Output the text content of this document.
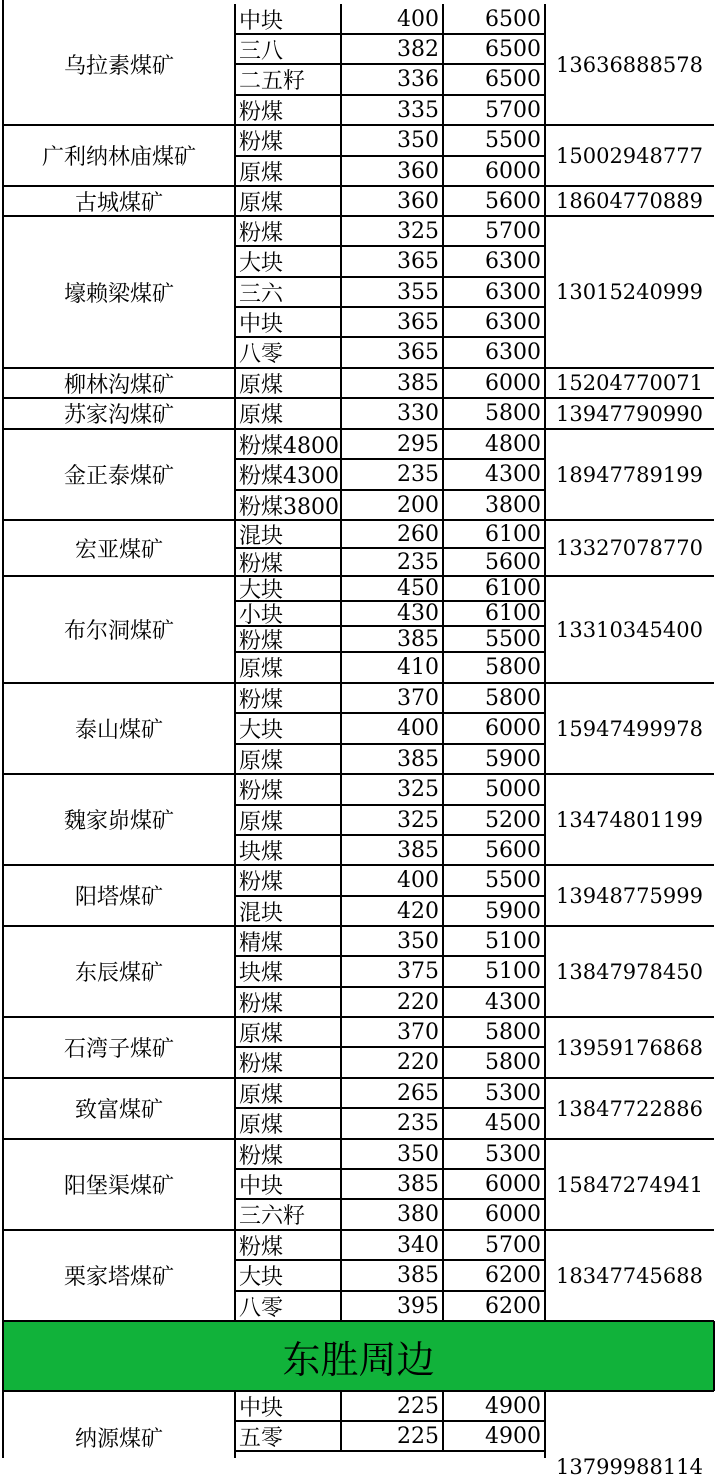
乌拉素煤矿	13636888578
中块	400	6500
三八	382	6500
二五籽	336	6500
粉煤	335	5700
广利纳林庙煤矿	15002948777
粉煤	350	5500
原煤	360	6000
古城煤矿	18604770889
原煤	360	5600
壕赖梁煤矿	13015240999
粉煤	325	5700
大块	365	6300
三六	355	6300
中块	365	6300
八零	365	6300
柳林沟煤矿	15204770071
原煤	385	6000
苏家沟煤矿	13947790990
原煤	330	5800
金正泰煤矿	18947789199
粉煤4800	295	4800
粉煤4300	235	4300
粉煤3800	200	3800
宏亚煤矿	13327078770
混块	260	6100
粉煤	235	5600
布尔洞煤矿	13310345400
大块	450	6100
小块	430	6100
粉煤	385	5500
原煤	410	5800
泰山煤矿	15947499978
粉煤	370	5800
大块	400	6000
原煤	385	5900
魏家峁煤矿	13474801199
粉煤	325	5000
原煤	325	5200
块煤	385	5600
阳塔煤矿	13948775999
粉煤	400	5500
混块	420	5900
东辰煤矿	13847978450
精煤	350	5100
块煤	375	5100
粉煤	220	4300
石湾子煤矿	13959176868
原煤	370	5800
粉煤	220	5800
致富煤矿	13847722886
原煤	265	5300
原煤	235	4500
阳堡渠煤矿	15847274941
粉煤	350	5300
中块	385	6000
三六籽	380	6000
栗家塔煤矿	18347745688
粉煤	340	5700
大块	385	6200
八零	395	6200
东胜周边
纳源煤矿
13799988114
中块	225	4900
五零	225	4900
